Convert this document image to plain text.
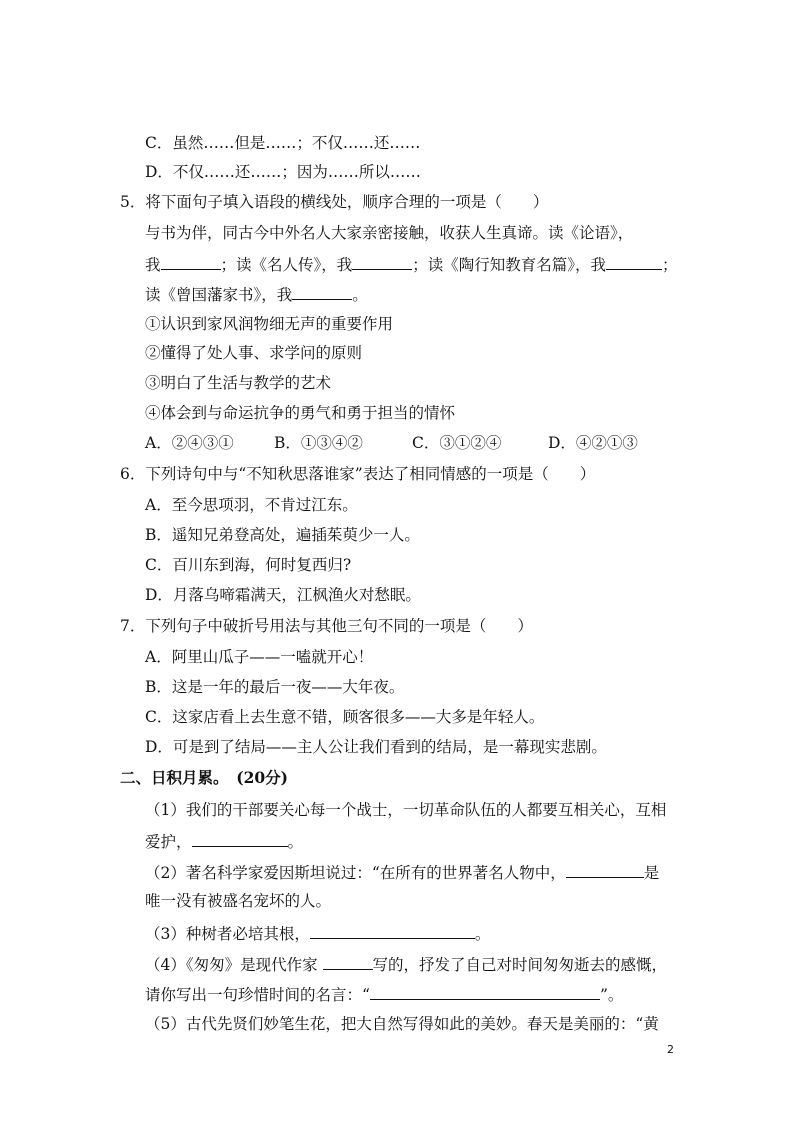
C．虽然……但是……；不仅……还……
D．不仅……还……；因为……所以……
5．将下面句子填入语段的横线处，顺序合理的一项是（　　）
与书为伴，同古今中外名人大家亲密接触，收获人生真谛。读《论语》，
我	；读《名人传》，我	；读《陶行知教育名篇》，我	；
读《曾国藩家书》，我	。
①认识到家风润物细无声的重要作用
②懂得了处人事、求学问的原则
③明白了生活与教学的艺术
④体会到与命运抗争的勇气和勇于担当的情怀
A．②④③①	B．①③④②	C．③①②④	D．④②①③
6．下列诗句中与“不知秋思落谁家”表达了相同情感的一项是（　　）
A．至今思项羽，不肯过江东。
B．遥知兄弟登高处，遍插茱萸少一人。
C．百川东到海，何时复西归?
D．月落乌啼霜满天，江枫渔火对愁眠。
7．下列句子中破折号用法与其他三句不同的一项是（　　）
A．阿里山瓜子——一嗑就开心！
B．这是一年的最后一夜——大年夜。
C．这家店看上去生意不错，顾客很多——大多是年轻人。
D．可是到了结局——主人公让我们看到的结局，是一幕现实悲剧。
二、日积月累。　(20分)
（1）我们的干部要关心每一个战士，一切革命队伍的人都要互相关心，互相
爱护，	。
（2）著名科学家爱因斯坦说过：“在所有的世界著名人物中，	是
唯一没有被盛名宠坏的人。
（3）种树者必培其根，	。
（4）《匆匆》是现代作家	写的，抒发了自己对时间匆匆逝去的感慨，
请你写出一句珍惜时间的名言：“	”。
（5）古代先贤们妙笔生花，把大自然写得如此的美妙。春天是美丽的：“黄
2
